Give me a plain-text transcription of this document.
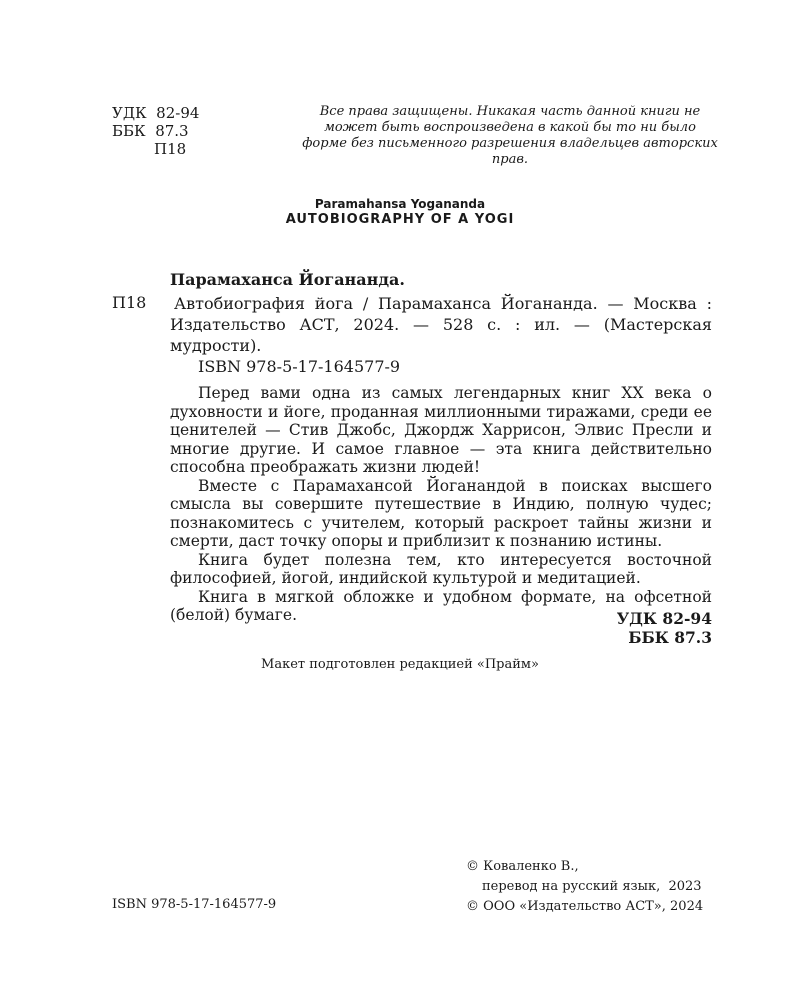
УДК  82-94
ББК  87.3
П18
Все права защищены. Никакая часть данной книги не может быть воспроизведена в какой бы то ни было форме без письменного разрешения владельцев авторских прав.
Paramahansa Yogananda
AUTOBIOGRAPHY OF A YOGI
Парамаханса Йогананда.
П18 Автобиография йога / Парамаханса Йогананда. — Москва : Издательство АСТ, 2024. — 528 с. : ил. — (Мастерская мудрости).
ISBN 978-5-17-164577-9

Перед вами одна из самых легендарных книг XX века о духовности и йоге, проданная миллионными тиражами, среди ее ценителей — Стив Джобс, Джордж Харрисон, Элвис Пресли и многие другие. И самое главное — эта книга действительно способна преображать жизни людей!

Вместе с Парамахансой Йоганандой в поисках высшего смысла вы совершите путешествие в Индию, полную чудес; познакомитесь с учителем, который раскроет тайны жизни и смерти, даст точку опоры и приблизит к познанию истины.

Книга будет полезна тем, кто интересуется восточной философией, йогой, индийской культурой и медитацией.

Книга в мягкой обложке и удобном формате, на офсетной (белой) бумаге.	УДК 82-94
ББК 87.3
Макет подготовлен редакцией «Прайм»
© Коваленко В.,
перевод на русский язык,  2023
© ООО «Издательство АСТ», 2024
ISBN 978-5-17-164577-9
